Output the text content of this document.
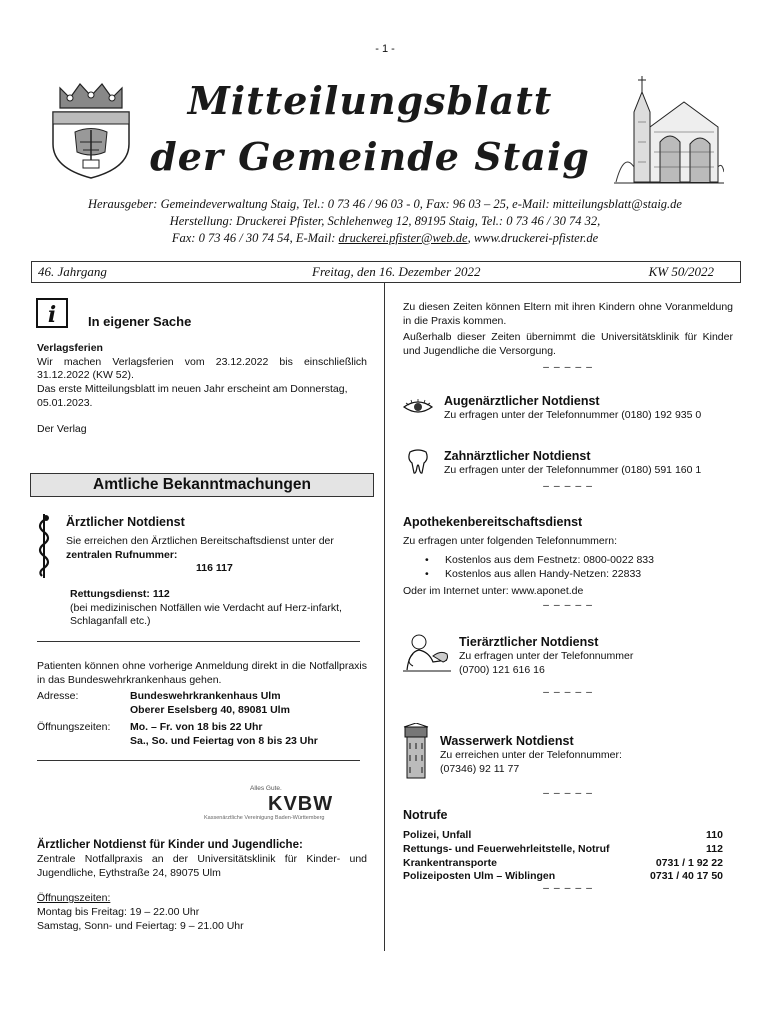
- 1 -
Mitteilungsblatt
der Gemeinde Staig
Herausgeber: Gemeindeverwaltung Staig, Tel.: 0 73 46 / 96 03 - 0, Fax: 96 03 – 25, e-Mail: mitteilungsblatt@staig.de
Herstellung: Druckerei Pfister, Schlehenweg 12, 89195 Staig, Tel.: 0 73 46 / 30 74 32,
Fax: 0 73 46 / 30 74 54, E-Mail: druckerei.pfister@web.de, www.druckerei-pfister.de
46. Jahrgang	Freitag, den 16. Dezember 2022	KW 50/2022
i In eigener Sache
Verlagsferien
Wir machen Verlagsferien vom 23.12.2022 bis einschließlich 31.12.2022 (KW 52).
Das erste Mitteilungsblatt im neuen Jahr erscheint am Donnerstag, 05.01.2023.
Der Verlag
Amtliche Bekanntmachungen
Ärztlicher Notdienst
Sie erreichen den Ärztlichen Bereitschaftsdienst unter der
zentralen Rufnummer:
116 117
Rettungsdienst: 112
(bei medizinischen Notfällen wie Verdacht auf Herz-infarkt, Schlaganfall etc.)
Patienten können ohne vorherige Anmeldung direkt in die Notfallpraxis in das Bundeswehrkrankenhaus gehen.
Adresse:	Bundeswehrkrankenhaus Ulm
Oberer Eselsberg 40, 89081 Ulm
Öffnungszeiten: Mo. – Fr. von 18 bis 22 Uhr
Sa., So. und Feiertag von 8 bis 23 Uhr
Alles Gute.
KVBW
Kassenärztliche Vereinigung Baden-Württemberg
Ärztlicher Notdienst für Kinder und Jugendliche:
Zentrale Notfallpraxis an der Universitätsklinik für Kinder- und Jugendliche, Eythstraße 24, 89075 Ulm
Öffnungszeiten:
Montag bis Freitag: 19 – 22.00 Uhr
Samstag, Sonn- und Feiertag: 9 – 21.00 Uhr
Zu diesen Zeiten können Eltern mit ihren Kindern ohne Voranmeldung in die Praxis kommen.
Außerhalb dieser Zeiten übernimmt die Universitätsklinik für Kinder und Jugendliche die Versorgung.
– – – – –
Augenärztlicher Notdienst
Zu erfragen unter der Telefonnummer (0180) 192 935 0
Zahnärztlicher Notdienst
Zu erfragen unter der Telefonnummer (0180) 591 160 1
– – – – –
Apothekenbereitschaftsdienst
Zu erfragen unter folgenden Telefonnummern:
• Kostenlos aus dem Festnetz: 0800-0022 833
• Kostenlos aus allen Handy-Netzen: 22833
Oder im Internet unter: www.aponet.de
– – – – –
Tierärztlicher Notdienst
Zu erfragen unter der Telefonnummer
(0700) 121 616 16
– – – – –
Wasserwerk Notdienst
Zu erreichen unter der Telefonnummer:
(07346) 92 11 77
– – – – –
Notrufe
Polizei, Unfall	110
Rettungs- und Feuerwehrleitstelle, Notruf	112
Krankentransporte	0731 / 1 92 22
Polizeiposten Ulm – Wiblingen	0731 / 40 17 50
– – – – –
